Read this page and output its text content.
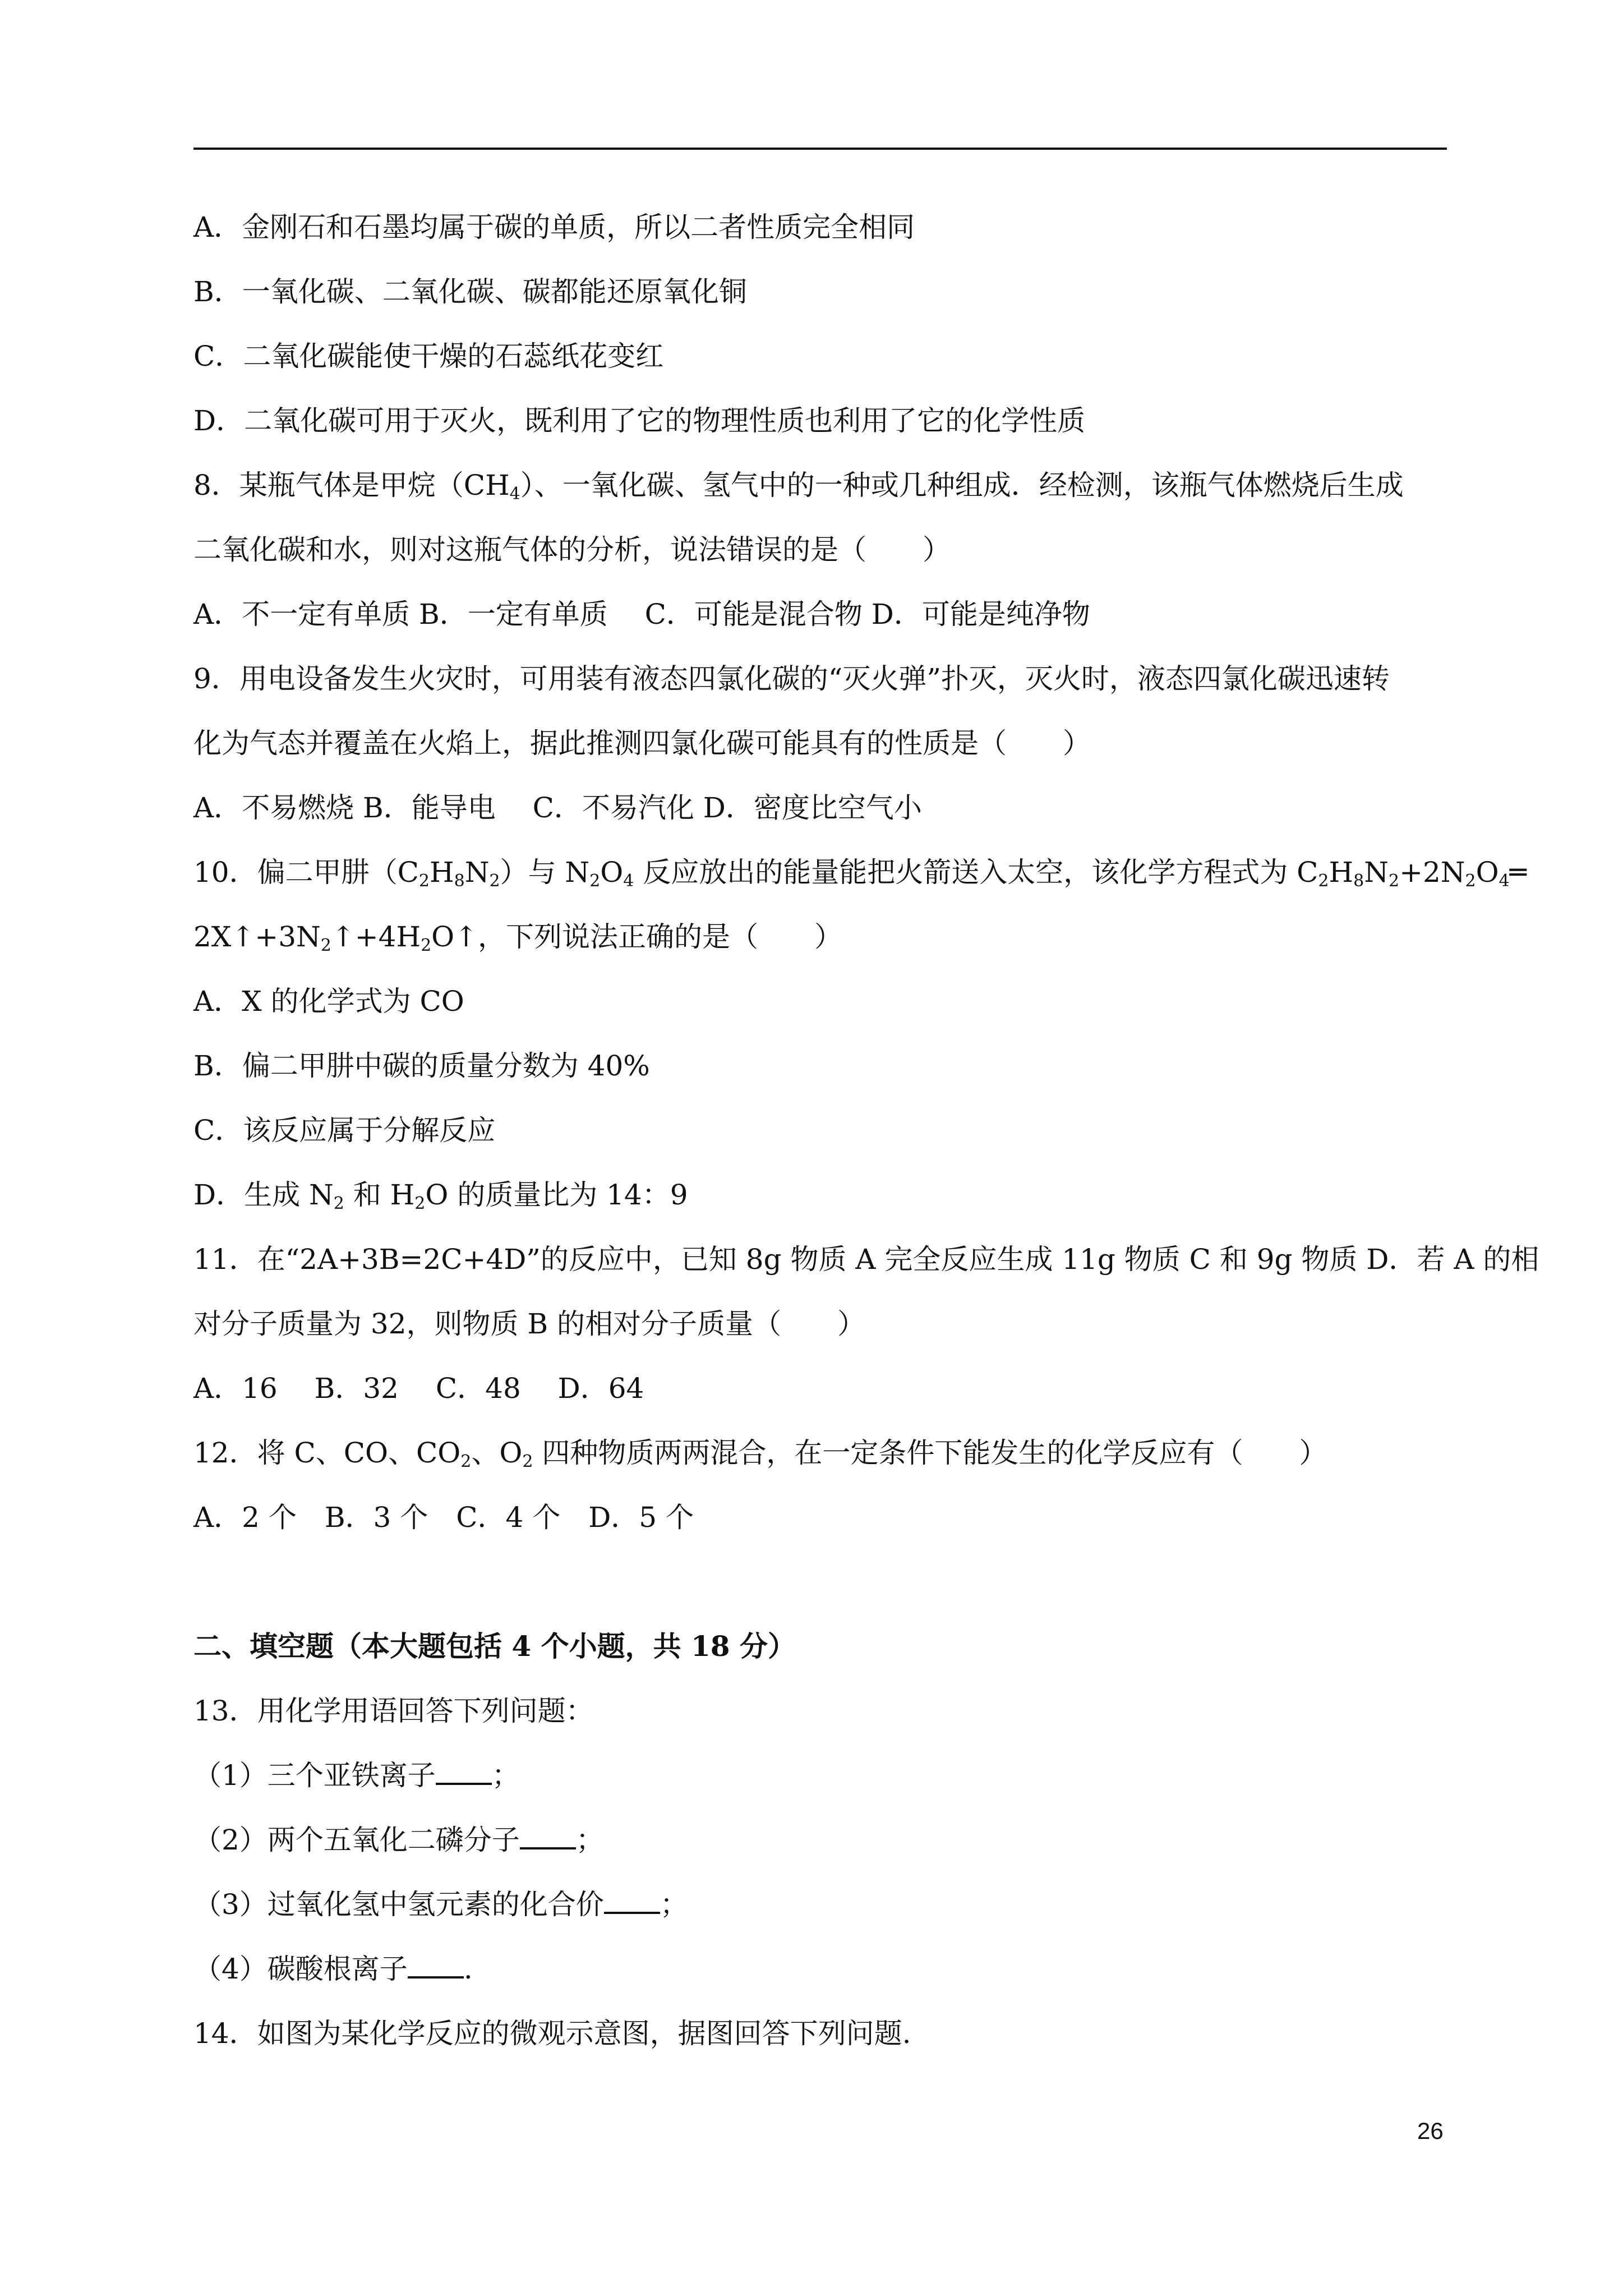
A．金刚石和石墨均属于碳的单质，所以二者性质完全相同
B．一氧化碳、二氧化碳、碳都能还原氧化铜
C．二氧化碳能使干燥的石蕊纸花变红
D．二氧化碳可用于灭火，既利用了它的物理性质也利用了它的化学性质
8．某瓶气体是甲烷$(CH_4)$、一氧化碳、氢气中的一种或几种组成．经检测，该瓶气体燃烧后生成
二氧化碳和水，则对这瓶气体的分析，说法错误的是（　　）
A．不一定有单质 B．一定有单质　 C．可能是混合物 D．可能是纯净物
9．用电设备发生火灾时，可用装有液态四氯化碳的“灭火弹”扑灭，灭火时，液态四氯化碳迅速转
化为气态并覆盖在火焰上，据此推测四氯化碳可能具有的性质是（　　）
A．不易燃烧 B．能导电　 C．不易汽化 D．密度比空气小
10．偏二甲肼$(C_2H_8N_2)$与 $N_2O_4$ 反应放出的能量能把火箭送入太空，该化学方程式为 $C_2H_8N_2+2N_2O_4═$
$2X↑+3N_2↑+4H_2O↑$，下列说法正确的是（　　）
A．X 的化学式为 CO
B．偏二甲肼中碳的质量分数为 40%
C．该反应属于分解反应
D．生成 $N_2$ 和 $H_2O$ 的质量比为 14：9
11．在“2A+3B=2C+4D”的反应中，已知 8g 物质 A 完全反应生成 11g 物质 C 和 9g 物质 D．若 A 的相
对分子质量为 32，则物质 B 的相对分子质量（　　）
A．16　 B．32　 C．48　 D．64
12．将 C、CO、$CO_2$、$O_2$ 四种物质两两混合，在一定条件下能发生的化学反应有（　　）
A．2 个　B．3 个　C．4 个　D．5 个
二、填空题（本大题包括 4 个小题，共 18 分）
13．用化学用语回答下列问题：
（1）三个亚铁离子 ；
（2）两个五氧化二磷分子 ；
（3）过氧化氢中氢元素的化合价 ；
（4）碳酸根离子 .
14．如图为某化学反应的微观示意图，据图回答下列问题.
26
